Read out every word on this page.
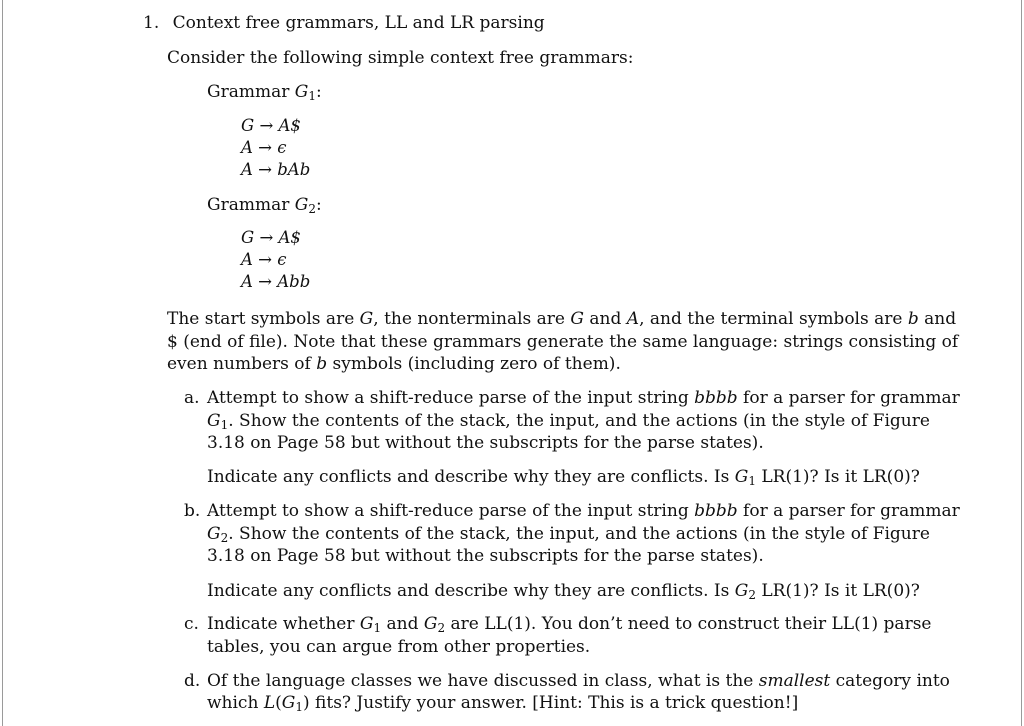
1. Context free grammars, LL and LR parsing
Consider the following simple context free grammars:
Grammar $G_1$:
G → A$
A → ϵ
A → bAb
Grammar $G_2$:
G → A$
A → ϵ
A → Abb
The start symbols are G, the nonterminals are G and A, and the terminal symbols are b and
$ (end of file). Note that these grammars generate the same language: strings consisting of
even numbers of b symbols (including zero of them).
a. Attempt to show a shift-reduce parse of the input string bbbb for a parser for grammar
$G_1$. Show the contents of the stack, the input, and the actions (in the style of Figure
3.18 on Page 58 but without the subscripts for the parse states).
Indicate any conflicts and describe why they are conflicts. Is $G_1$ LR(1)? Is it LR(0)?
b. Attempt to show a shift-reduce parse of the input string bbbb for a parser for grammar
$G_2$. Show the contents of the stack, the input, and the actions (in the style of Figure
3.18 on Page 58 but without the subscripts for the parse states).
Indicate any conflicts and describe why they are conflicts. Is $G_2$ LR(1)? Is it LR(0)?
c. Indicate whether $G_1$ and $G_2$ are LL(1). You don’t need to construct their LL(1) parse
tables, you can argue from other properties.
d. Of the language classes we have discussed in class, what is the smallest category into
which $L(G_1)$ fits? Justify your answer. [Hint: This is a trick question!]
